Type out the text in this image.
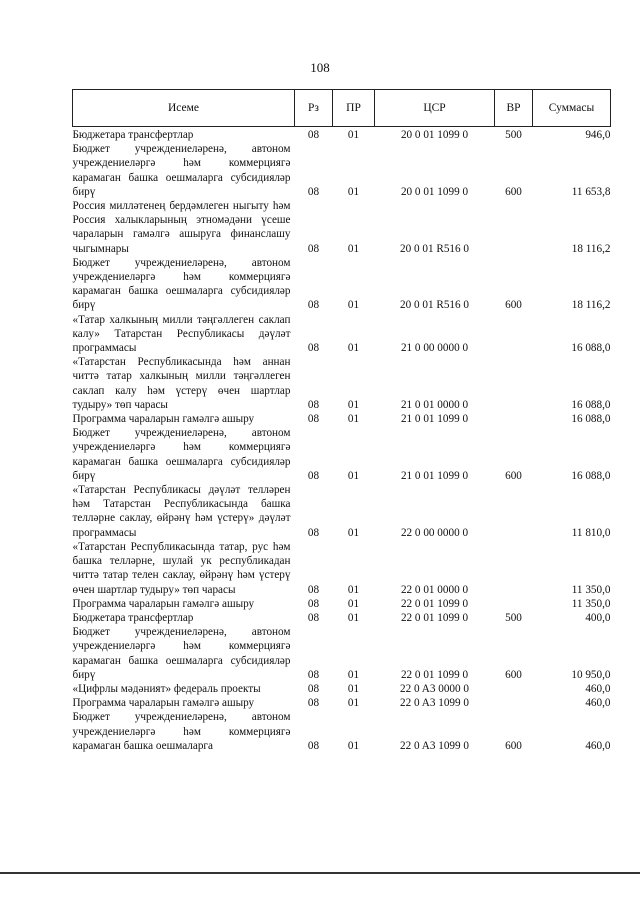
108
Исеме	Рз	ПР	ЦСР	ВР	Суммасы
Бюджетара трансфертлар	08	01	20 0 01 1099 0	500	946,0
Бюджет учреждениеләренә, автоном учреждениеләргә һәм коммерциягә карамаган башка оешмаларга субсидияләр бирү	08	01	20 0 01 1099 0	600	11 653,8
Россия милләтенең бердәмлеген ныгыту һәм Россия халыкларының этномәдәни үсеше чараларын гамәлгә ашыруга финанслашу чыгымнары	08	01	20 0 01 R516 0		18 116,2
Бюджет учреждениеләренә, автоном учреждениеләргә һәм коммерциягә карамаган башка оешмаларга субсидияләр бирү	08	01	20 0 01 R516 0	600	18 116,2
«Татар халкының милли тәңгәллеген саклап калу» Татарстан Республикасы дәүләт программасы	08	01	21 0 00 0000 0		16 088,0
«Татарстан Республикасында һәм аннан читтә татар халкының милли тәңгәллеген саклап калу һәм үстерү өчен шартлар тудыру» төп чарасы	08	01	21 0 01 0000 0		16 088,0
Программа чараларын гамәлгә ашыру	08	01	21 0 01 1099 0		16 088,0
Бюджет учреждениеләренә, автоном учреждениеләргә һәм коммерциягә карамаган башка оешмаларга субсидияләр бирү	08	01	21 0 01 1099 0	600	16 088,0
«Татарстан Республикасы дәүләт телләрен һәм Татарстан Республикасында башка телләрне саклау, өйрәнү һәм үстерү» дәүләт программасы	08	01	22 0 00 0000 0		11 810,0
«Татарстан Республикасында татар, рус һәм башка телләрне, шулай ук республикадан читтә татар телен саклау, өйрәнү һәм үстерү өчен шартлар тудыру» төп чарасы	08	01	22 0 01 0000 0		11 350,0
Программа чараларын гамәлгә ашыру	08	01	22 0 01 1099 0		11 350,0
Бюджетара трансфертлар	08	01	22 0 01 1099 0	500	400,0
Бюджет учреждениеләренә, автоном учреждениеләргә һәм коммерциягә карамаган башка оешмаларга субсидияләр бирү	08	01	22 0 01 1099 0	600	10 950,0
«Цифрлы мәдәният» федераль проекты	08	01	22 0 A3 0000 0		460,0
Программа чараларын гамәлгә ашыру	08	01	22 0 A3 1099 0		460,0
Бюджет учреждениеләренә, автоном учреждениеләргә һәм коммерциягә карамаган башка оешмаларга	08	01	22 0 A3 1099 0	600	460,0
